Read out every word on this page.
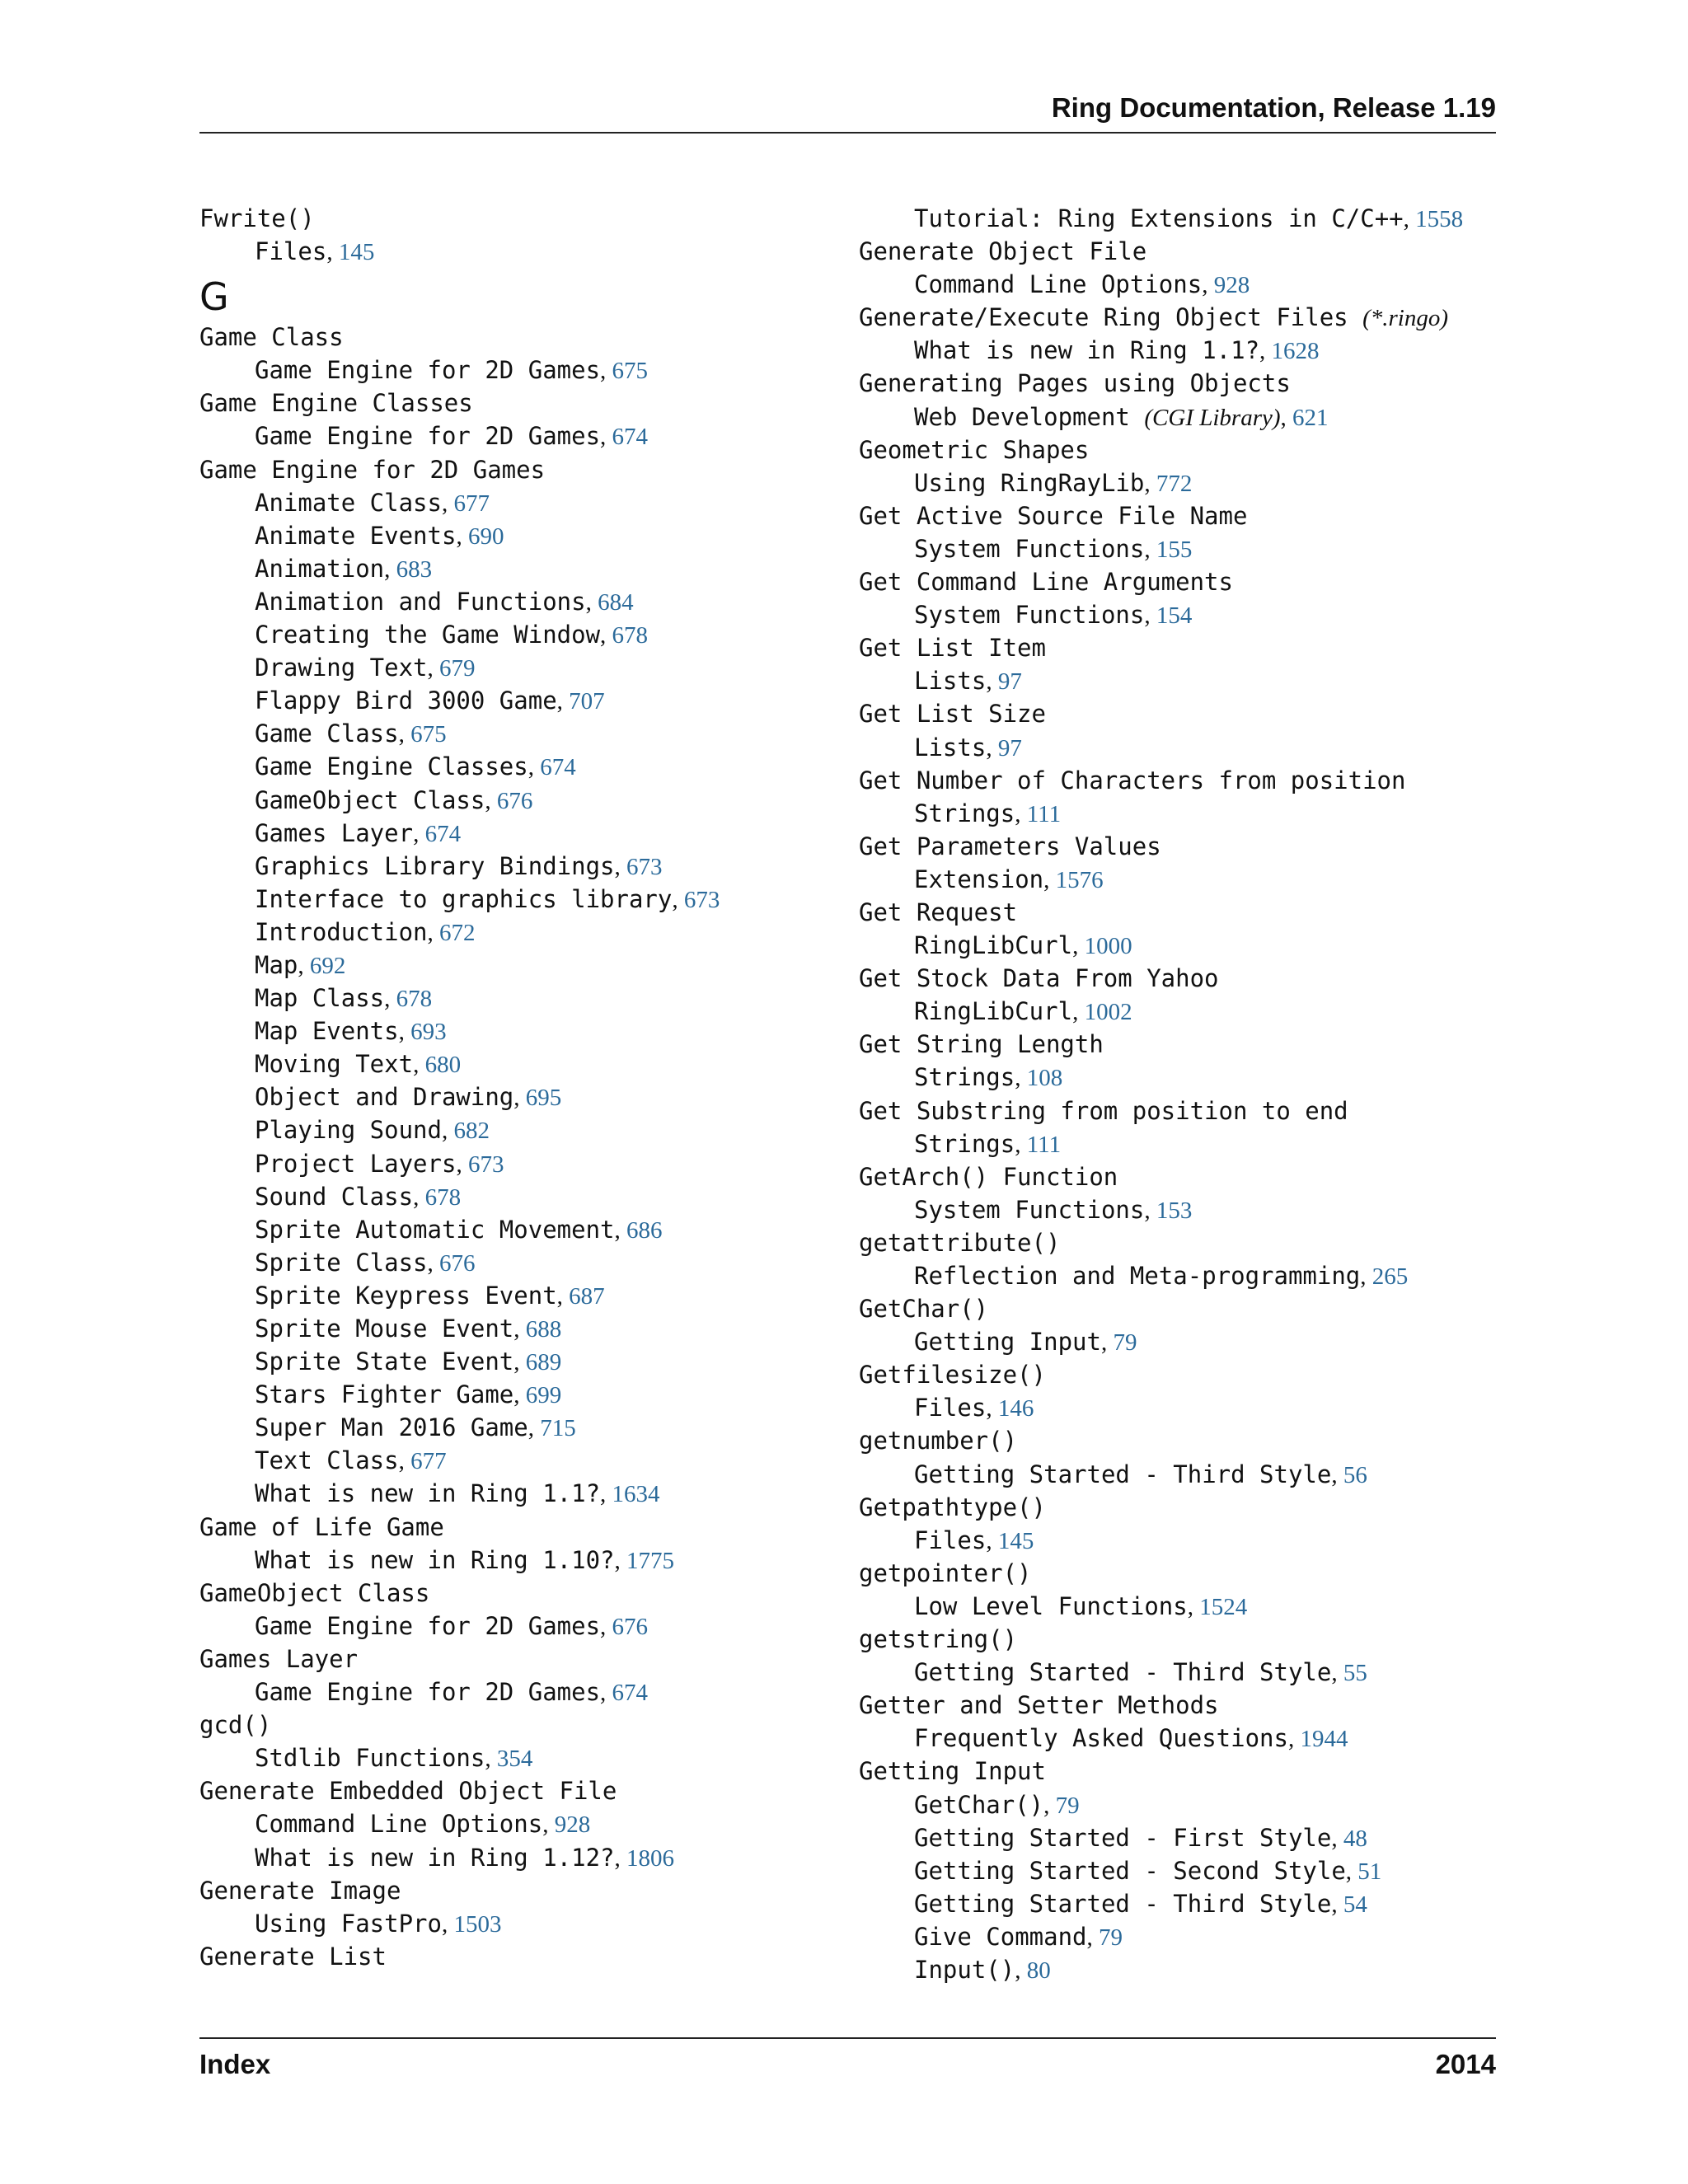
Ring Documentation, Release 1.19
Fwrite()
Files, 145
G
Game Class
Game Engine for 2D Games, 675
Game Engine Classes
Game Engine for 2D Games, 674
Game Engine for 2D Games
Animate Class, 677
Animate Events, 690
Animation, 683
Animation and Functions, 684
Creating the Game Window, 678
Drawing Text, 679
Flappy Bird 3000 Game, 707
Game Class, 675
Game Engine Classes, 674
GameObject Class, 676
Games Layer, 674
Graphics Library Bindings, 673
Interface to graphics library, 673
Introduction, 672
Map, 692
Map Class, 678
Map Events, 693
Moving Text, 680
Object and Drawing, 695
Playing Sound, 682
Project Layers, 673
Sound Class, 678
Sprite Automatic Movement, 686
Sprite Class, 676
Sprite Keypress Event, 687
Sprite Mouse Event, 688
Sprite State Event, 689
Stars Fighter Game, 699
Super Man 2016 Game, 715
Text Class, 677
What is new in Ring 1.1?, 1634
Game of Life Game
What is new in Ring 1.10?, 1775
GameObject Class
Game Engine for 2D Games, 676
Games Layer
Game Engine for 2D Games, 674
gcd()
Stdlib Functions, 354
Generate Embedded Object File
Command Line Options, 928
What is new in Ring 1.12?, 1806
Generate Image
Using FastPro, 1503
Generate List
Tutorial: Ring Extensions in C/C++, 1558
Generate Object File
Command Line Options, 928
Generate/Execute Ring Object Files (*.ringo)
What is new in Ring 1.1?, 1628
Generating Pages using Objects
Web Development (CGI Library), 621
Geometric Shapes
Using RingRayLib, 772
Get Active Source File Name
System Functions, 155
Get Command Line Arguments
System Functions, 154
Get List Item
Lists, 97
Get List Size
Lists, 97
Get Number of Characters from position
Strings, 111
Get Parameters Values
Extension, 1576
Get Request
RingLibCurl, 1000
Get Stock Data From Yahoo
RingLibCurl, 1002
Get String Length
Strings, 108
Get Substring from position to end
Strings, 111
GetArch() Function
System Functions, 153
getattribute()
Reflection and Meta-programming, 265
GetChar()
Getting Input, 79
Getfilesize()
Files, 146
getnumber()
Getting Started - Third Style, 56
Getpathtype()
Files, 145
getpointer()
Low Level Functions, 1524
getstring()
Getting Started - Third Style, 55
Getter and Setter Methods
Frequently Asked Questions, 1944
Getting Input
GetChar(), 79
Getting Started - First Style, 48
Getting Started - Second Style, 51
Getting Started - Third Style, 54
Give Command, 79
Input(), 80
Index	2014
